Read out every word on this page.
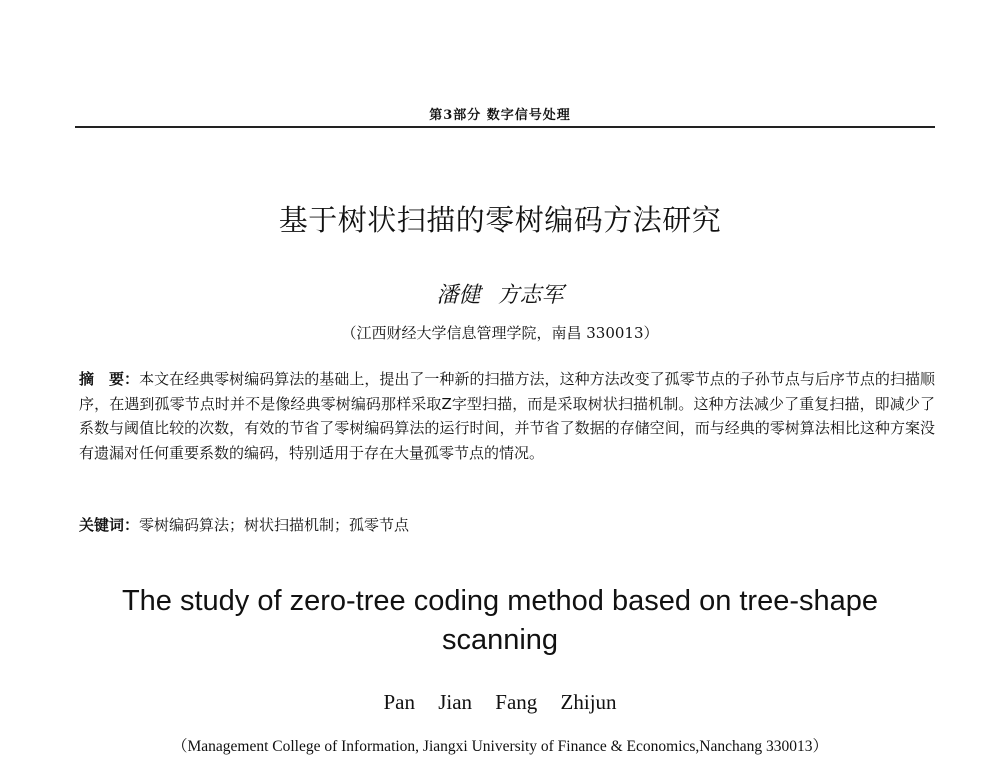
第3部分 数字信号处理
基于树状扫描的零树编码方法研究
潘健 方志军
（江西财经大学信息管理学院，南昌 330013）
摘　要：本文在经典零树编码算法的基础上，提出了一种新的扫描方法，这种方法改变了孤零节点的子孙节点与后序节点的扫描顺序，在遇到孤零节点时并不是像经典零树编码那样采取Z字型扫描，而是采取树状扫描机制。这种方法减少了重复扫描，即减少了系数与阈值比较的次数，有效的节省了零树编码算法的运行时间，并节省了数据的存储空间，而与经典的零树算法相比这种方案没有遗漏对任何重要系数的编码，特别适用于存在大量孤零节点的情况。
关键词：零树编码算法；树状扫描机制；孤零节点
The study of zero-tree coding method based on tree-shape scanning
Pan Jian Fang Zhijun
（Management College of Information, Jiangxi University of Finance & Economics,Nanchang 330013）
